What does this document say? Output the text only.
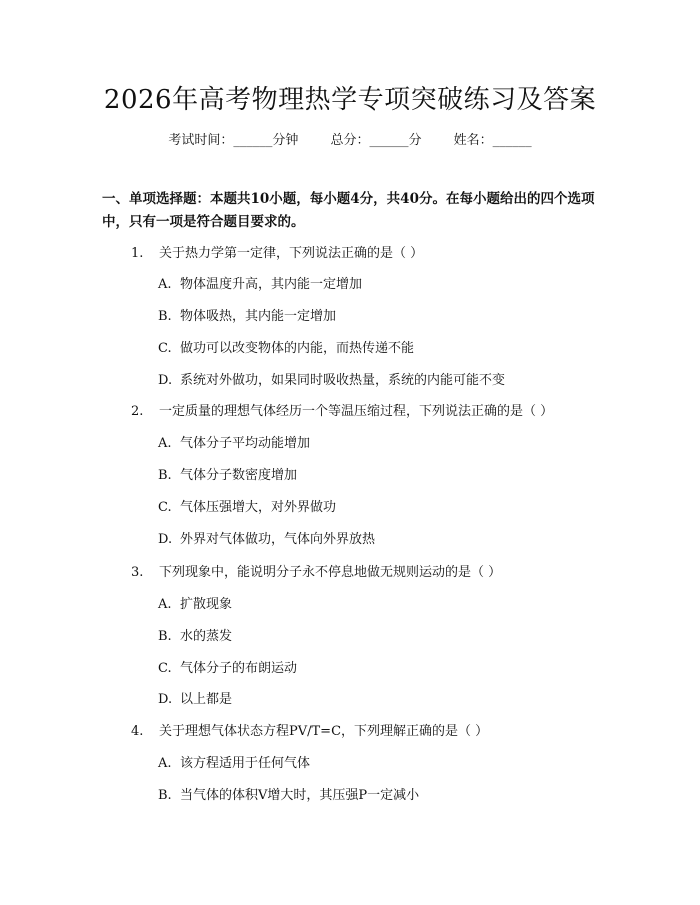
2026年高考物理热学专项突破练习及答案
考试时间：______分钟 总分：______分 姓名：______
一、单项选择题：本题共10小题，每小题4分，共40分。在每小题给出的四个选项中，只有一项是符合题目要求的。
1. 关于热力学第一定律，下列说法正确的是（ ）
A. 物体温度升高，其内能一定增加
B. 物体吸热，其内能一定增加
C. 做功可以改变物体的内能，而热传递不能
D. 系统对外做功，如果同时吸收热量，系统的内能可能不变
2. 一定质量的理想气体经历一个等温压缩过程，下列说法正确的是（ ）
A. 气体分子平均动能增加
B. 气体分子数密度增加
C. 气体压强增大，对外界做功
D. 外界对气体做功，气体向外界放热
3. 下列现象中，能说明分子永不停息地做无规则运动的是（ ）
A. 扩散现象
B. 水的蒸发
C. 气体分子的布朗运动
D. 以上都是
4. 关于理想气体状态方程PV/T=C，下列理解正确的是（ ）
A. 该方程适用于任何气体
B. 当气体的体积V增大时，其压强P一定减小
